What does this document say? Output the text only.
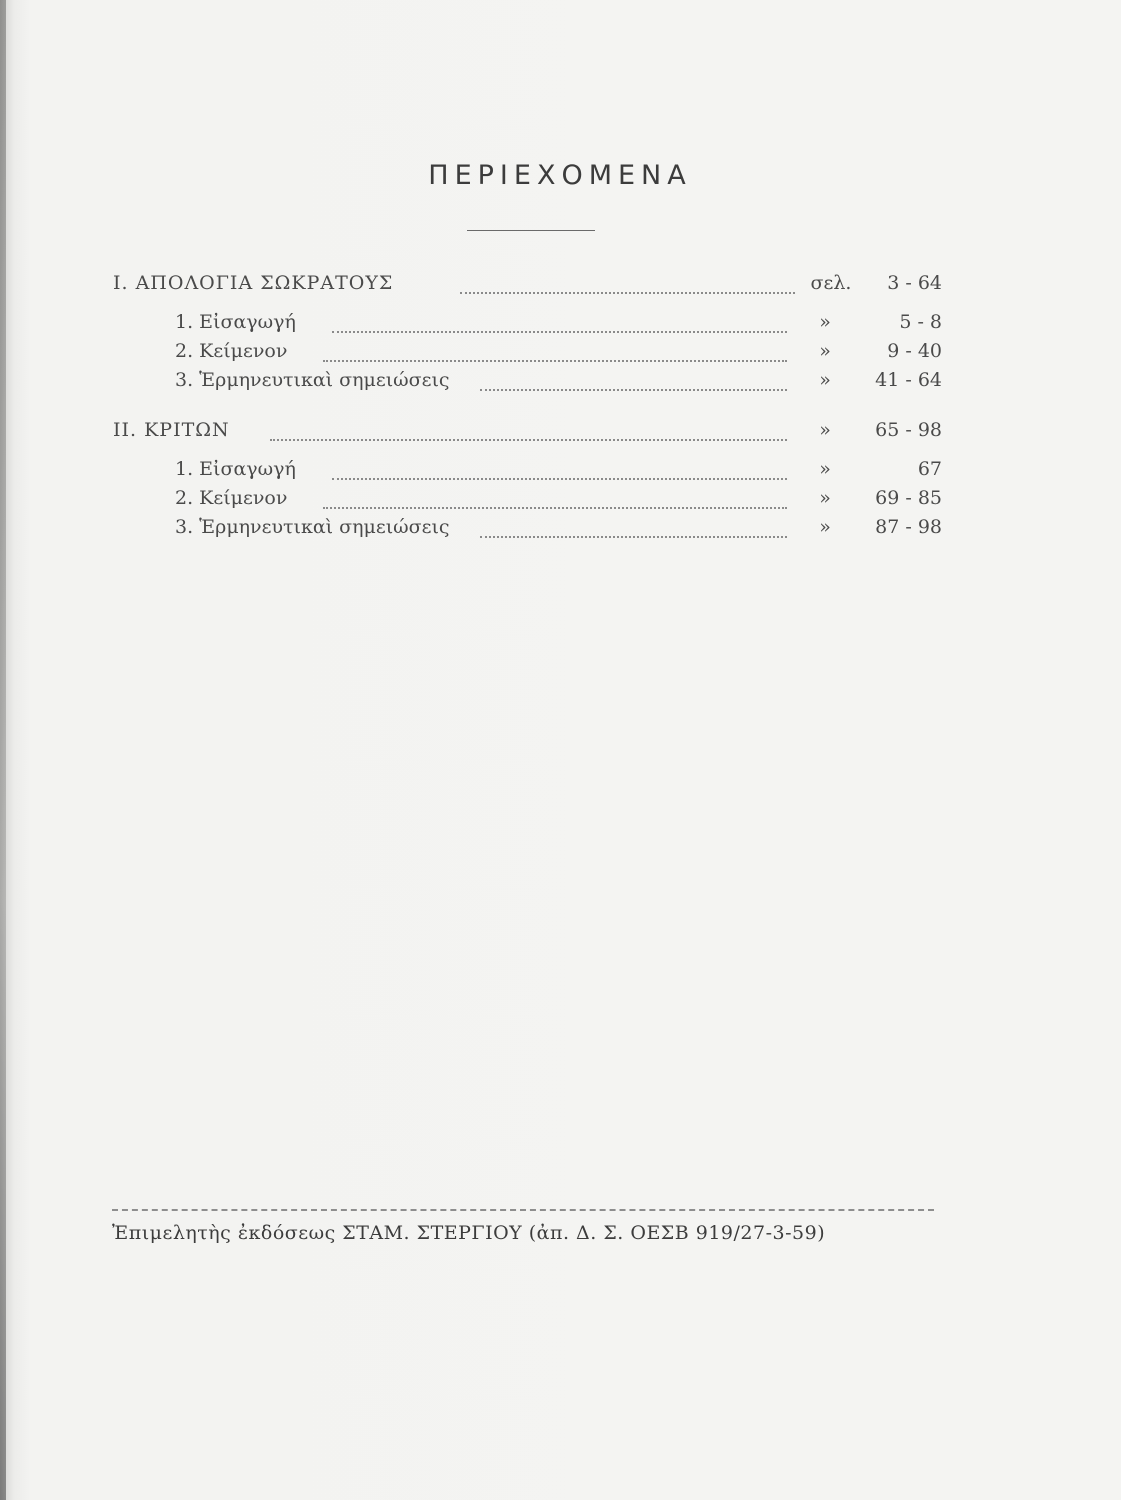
ΠΕΡΙΕΧΟΜΕΝΑ
Ι. ΑΠΟΛΟΓΙΑ ΣΩΚΡΑΤΟΥΣ	σελ.	3 - 64
1. Εἰσαγωγή	»	5 - 8
2. Κείμενον	»	9 - 40
3. Ἑρμηνευτικαὶ σημειώσεις	»	41 - 64
ΙΙ. ΚΡΙΤΩΝ	»	65 - 98
1. Εἰσαγωγή	»	67
2. Κείμενον	»	69 - 85
3. Ἑρμηνευτικαὶ σημειώσεις	»	87 - 98
Ἐπιμελητὴς ἐκδόσεως ΣΤΑΜ. ΣΤΕΡΓΙΟΥ (ἀπ. Δ. Σ. ΟΕΣΒ 919/27-3-59)
